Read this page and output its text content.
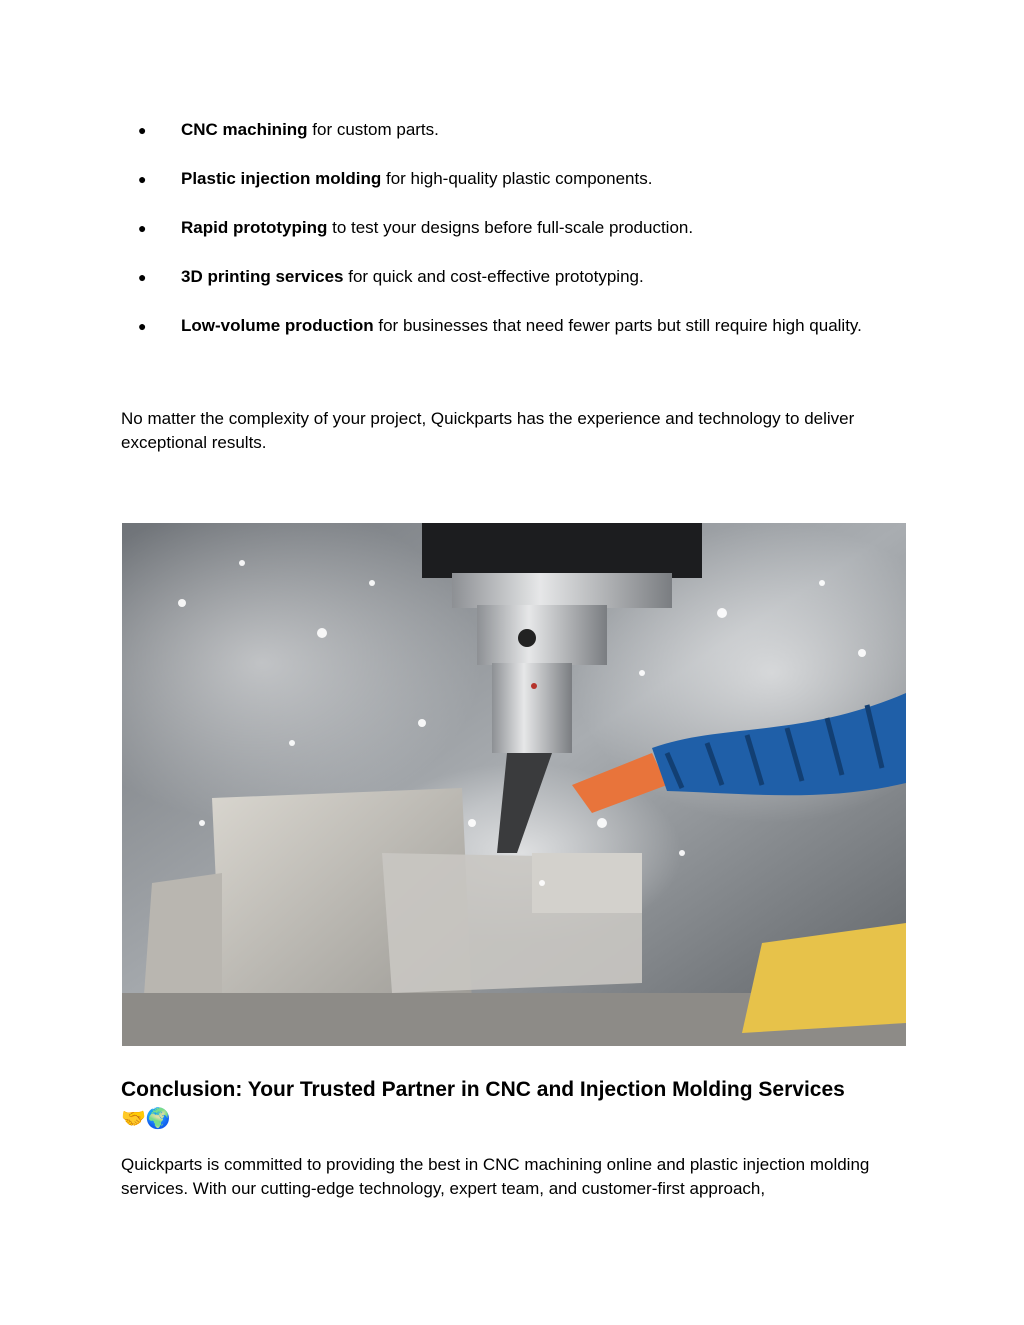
● CNC machining for custom parts.
● Plastic injection molding for high-quality plastic components.
● Rapid prototyping to test your designs before full-scale production.
● 3D printing services for quick and cost-effective prototyping.
● Low-volume production for businesses that need fewer parts but still require high quality.

No matter the complexity of your project, Quickparts has the experience and technology to deliver exceptional results.

Conclusion: Your Trusted Partner in CNC and Injection Molding Services
🤝🌍

Quickparts is committed to providing the best in CNC machining online and plastic injection molding services. With our cutting-edge technology, expert team, and customer-first approach,
